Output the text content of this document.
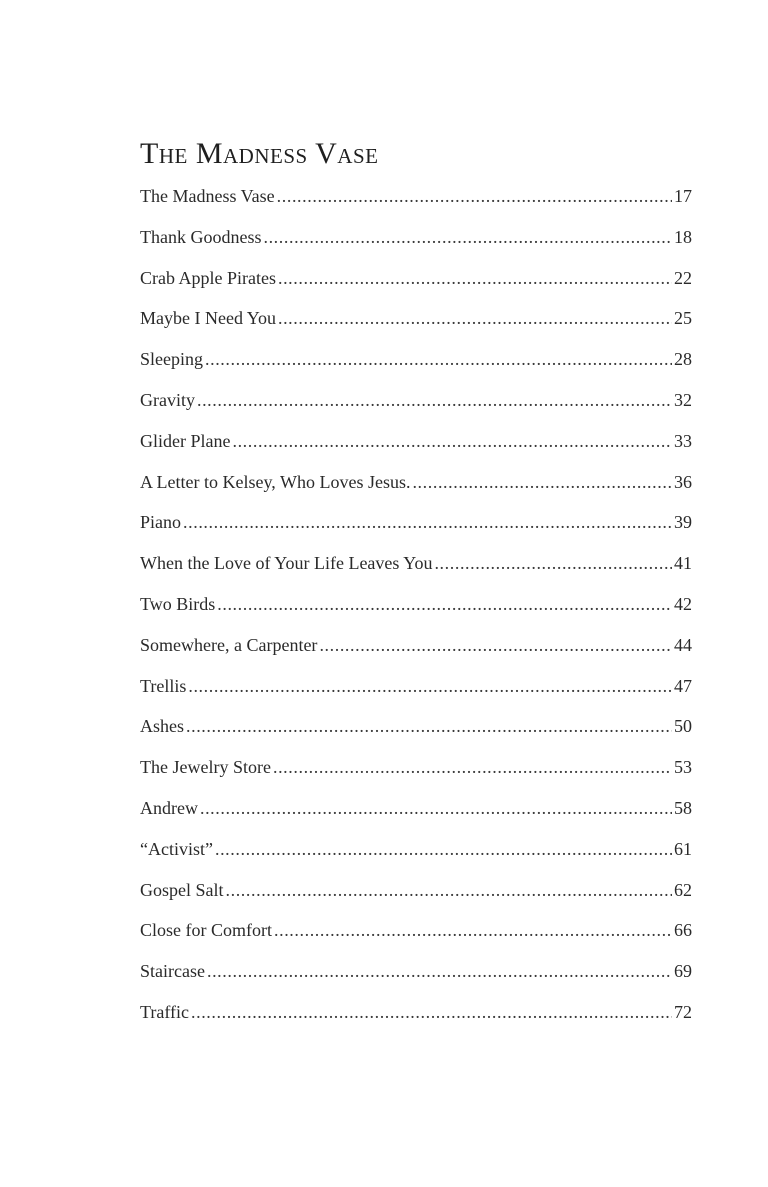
The Madness Vase
The Madness Vase .....	17
Thank Goodness .....	18
Crab Apple Pirates .....	22
Maybe I Need You .....	25
Sleeping .....	28
Gravity .....	32
Glider Plane .....	33
A Letter to Kelsey, Who Loves Jesus. .....	36
Piano .....	39
When the Love of Your Life Leaves You .....	41
Two Birds .....	42
Somewhere, a Carpenter .....	44
Trellis .....	47
Ashes .....	50
The Jewelry Store .....	53
Andrew .....	58
“Activist” .....	61
Gospel Salt .....	62
Close for Comfort .....	66
Staircase .....	69
Traffic .....	72
